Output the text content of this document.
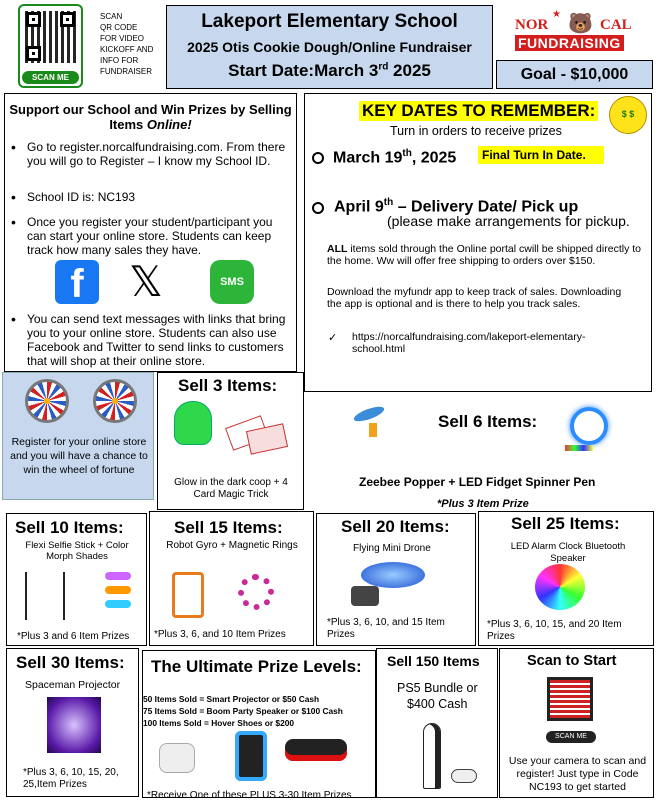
SCAN ME
SCAN
QR CODE
FOR VIDEO
KICKOFF AND
INFO FOR
FUNDRAISER
Lakeport Elementary School
2025 Otis Cookie Dough/Online Fundraiser
Start Date:March 3rd 2025
★ 🐻
NOR	CAL
FUNDRAISING
Goal - $10,000
Support our School and Win Prizes by Selling Items Online!
• Go to register.norcalfundraising.com. From there you will go to Register – I know my School ID.
• School ID is: NC193
• Once you register your student/participant you can start your online store. Students can keep track how many sales they have.
f	𝕏	SMS
• You can send text messages with links that bring you to your online store. Students can also use Facebook and Twitter to send links to customers that will shop at their online store.
KEY DATES TO REMEMBER:	$ $
Turn in orders to receive prizes
March 19th, 2025	Final Turn In Date.
April 9th – Delivery Date/ Pick up
(please make arrangements for pickup.
ALL items sold through the Online portal cwill be shipped directly to the home. Ww will offer free shipping to orders over $150.
Download the myfundr app to keep track of sales. Downloading the app is optional and is there to help you track sales.
✓ https://norcalfundraising.com/lakeport-elementary-school.html
Register for your online store and you will have a chance to win the wheel of fortune
Sell 3 Items:
Glow in the dark coop + 4 Card Magic Trick
Sell 6 Items:
Zeebee Popper + LED Fidget Spinner Pen
*Plus 3 Item Prize
Sell 10 Items:
Flexi Selfie Stick + Color Morph Shades
*Plus 3 and 6 Item Prizes
Sell 15 Items:
Robot Gyro + Magnetic Rings
*Plus 3, 6, and 10 Item Prizes
Sell 20 Items:
Flying Mini Drone
*Plus 3, 6, 10, and 15 Item Prizes
Sell 25 Items:
LED Alarm Clock Bluetooth Speaker
*Plus 3, 6, 10, 15, and 20 Item Prizes
Sell 30 Items:
Spaceman Projector
*Plus 3, 6, 10, 15, 20, 25,Item Prizes
The Ultimate Prize Levels:
50 Items Sold = Smart Projector or $50 Cash
75 Items Sold = Boom Party Speaker or $100 Cash
100 Items Sold = Hover Shoes or $200
*Receive One of these PLUS 3-30 Item Prizes
Sell 150 Items
PS5 Bundle or
$400 Cash
Scan to Start
SCAN ME
Use your camera to scan and register! Just type in Code NC193 to get started
